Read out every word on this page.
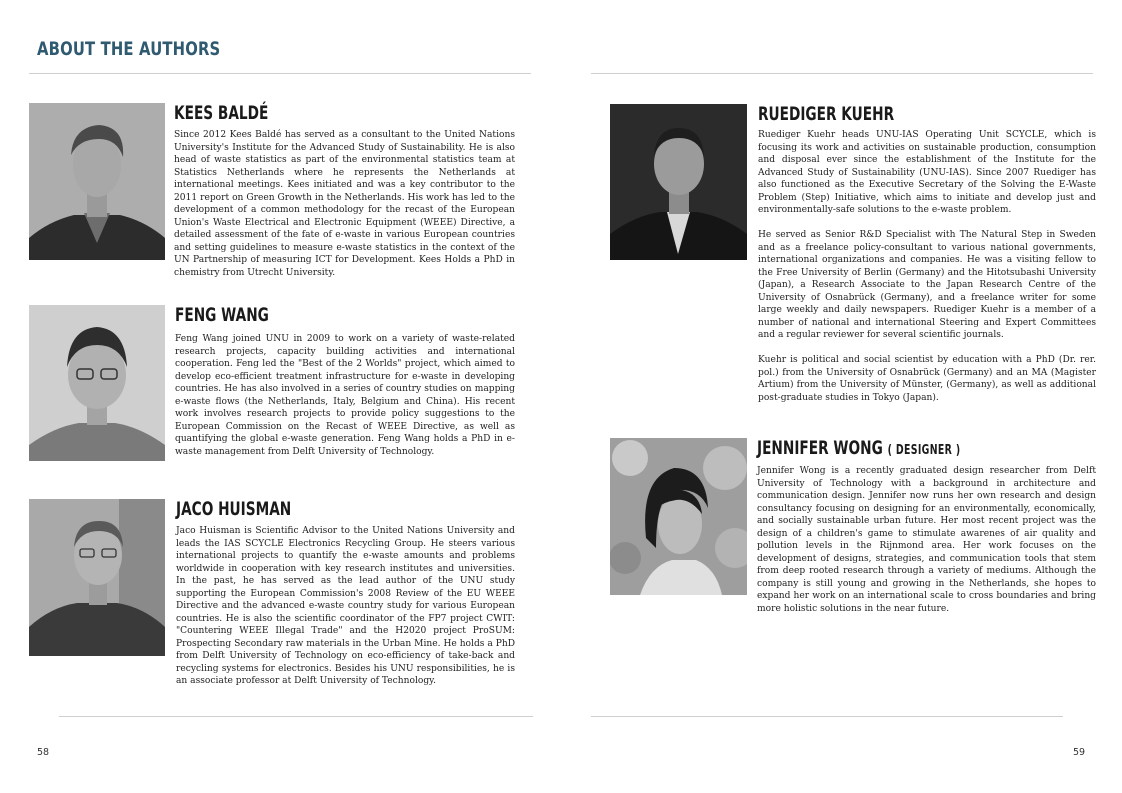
ABOUT THE AUTHORS
KEES BALDÉ

Since 2012 Kees Baldé has served as a consultant to the United Nations University's Institute for the Advanced Study of Sustainability. He is also head of waste statistics as part of the environmental statistics team at Statistics Netherlands where he represents the Netherlands at international meetings. Kees initiated and was a key contributor to the 2011 report on Green Growth in the Netherlands. His work has led to the development of a common methodology for the recast of the European Union's Waste Electrical and Electronic Equipment (WEEE) Directive, a detailed assessment of the fate of e-waste in various European countries and setting guidelines to measure e-waste statistics in the context of the UN Partnership of measuring ICT for Development. Kees Holds a PhD in chemistry from Utrecht University.

FENG WANG

Feng Wang joined UNU in 2009 to work on a variety of waste-related research projects, capacity building activities and international cooperation. Feng led the "Best of the 2 Worlds" project, which aimed to develop eco-efficient treatment infrastructure for e-waste in developing countries. He has also involved in a series of country studies on mapping e-waste flows (the Netherlands, Italy, Belgium and China). His recent work involves research projects to provide policy suggestions to the European Commission on the Recast of WEEE Directive, as well as quantifying the global e-waste generation. Feng Wang holds a PhD in e-waste management from Delft University of Technology.

JACO HUISMAN

Jaco Huisman is Scientific Advisor to the United Nations University and leads the IAS SCYCLE Electronics Recycling Group. He steers various international projects to quantify the e-waste amounts and problems worldwide in cooperation with key research institutes and universities. In the past, he has served as the lead author of the UNU study supporting the European Commission's 2008 Review of the EU WEEE Directive and the advanced e-waste country study for various European countries. He is also the scientific coordinator of the FP7 project CWIT: "Countering WEEE Illegal Trade" and the H2020 project ProSUM: Prospecting Secondary raw materials in the Urban Mine. He holds a PhD from Delft University of Technology on eco-efficiency of take-back and recycling systems for electronics. Besides his UNU responsibilities, he is an associate professor at Delft University of Technology.

RUEDIGER KUEHR

Ruediger Kuehr heads UNU-IAS Operating Unit SCYCLE, which is focusing its work and activities on sustainable production, consumption and disposal ever since the establishment of the Institute for the Advanced Study of Sustainability (UNU-IAS). Since 2007 Ruediger has also functioned as the Executive Secretary of the Solving the E-Waste Problem (Step) Initiative, which aims to initiate and develop just and environmentally-safe solutions to the e-waste problem.

He served as Senior R&D Specialist with The Natural Step in Sweden and as a freelance policy-consultant to various national governments, international organizations and companies. He was a visiting fellow to the Free University of Berlin (Germany) and the Hitotsubashi University (Japan), a Research Associate to the Japan Research Centre of the University of Osnabrück (Germany), and a freelance writer for some large weekly and daily newspapers. Ruediger Kuehr is a member of a number of national and international Steering and Expert Committees and a regular reviewer for several scientific journals.

Kuehr is political and social scientist by education with a PhD (Dr. rer. pol.) from the University of Osnabrück (Germany) and an MA (Magister Artium) from the University of Münster, (Germany), as well as additional post-graduate studies in Tokyo (Japan).

JENNIFER WONG ( DESIGNER )

Jennifer Wong is a recently graduated design researcher from Delft University of Technology with a background in architecture and communication design. Jennifer now runs her own research and design consultancy focusing on designing for an environmentally, economically, and socially sustainable urban future. Her most recent project was the design of a children's game to stimulate awarenes of air quality and pollution levels in the Rijnmond area. Her work focuses on the development of designs, strategies, and communication tools that stem from deep rooted research through a variety of mediums. Although the company is still young and growing in the Netherlands, she hopes to expand her work on an international scale to cross boundaries and bring more holistic solutions in the near future.

58	59
